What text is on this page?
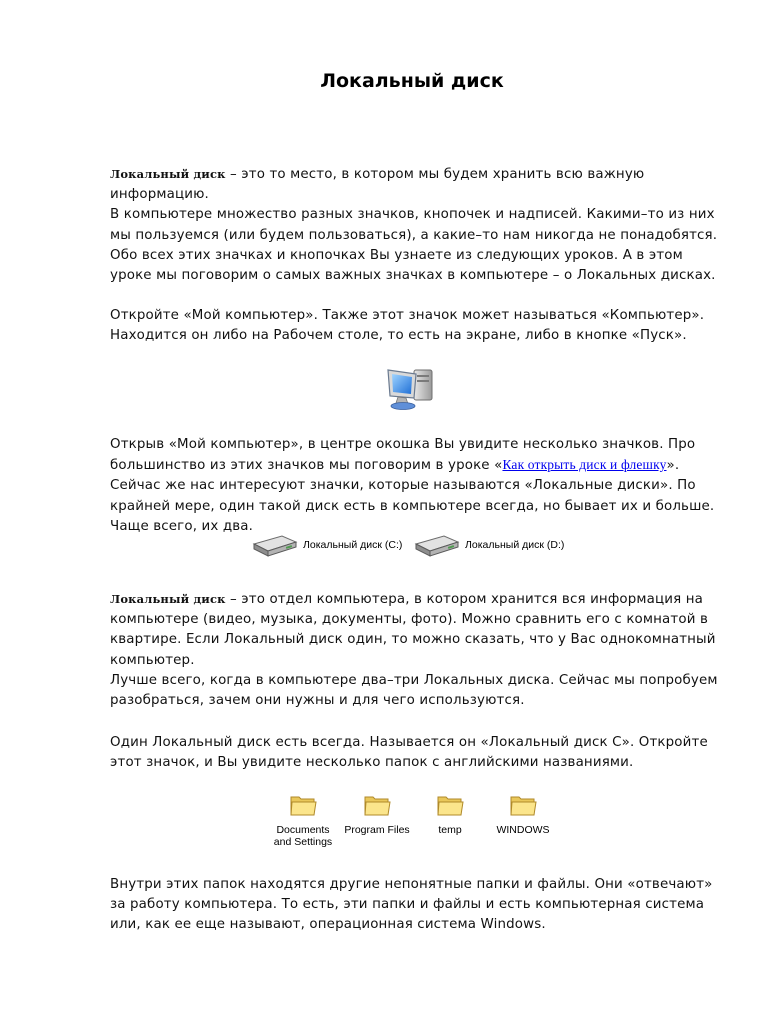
Локальный диск

Локальный диск – это то место, в котором мы будем хранить всю важную информацию.
В компьютере множество разных значков, кнопочек и надписей. Какими–то из них мы пользуемся (или будем пользоваться), а какие–то нам никогда не понадобятся. Обо всех этих значках и кнопочках Вы узнаете из следующих уроков. А в этом уроке мы поговорим о самых важных значках в компьютере – о Локальных дисках.

Откройте «Мой компьютер». Также этот значок может называться «Компьютер». Находится он либо на Рабочем столе, то есть на экране, либо в кнопке «Пуск».

Открыв «Мой компьютер», в центре окошка Вы увидите несколько значков. Про большинство из этих значков мы поговорим в уроке «Как открыть диск и флешку». Сейчас же нас интересуют значки, которые называются «Локальные диски». По крайней мере, один такой диск есть в компьютере всегда, но бывает их и больше. Чаще всего, их два.

Локальный диск (C:)	Локальный диск (D:)

Локальный диск – это отдел компьютера, в котором хранится вся информация на компьютере (видео, музыка, документы, фото). Можно сравнить его с комнатой в квартире. Если Локальный диск один, то можно сказать, что у Вас однокомнатный компьютер.
Лучше всего, когда в компьютере два–три Локальных диска. Сейчас мы попробуем разобраться, зачем они нужны и для чего используются.

Один Локальный диск есть всегда. Называется он «Локальный диск С». Откройте этот значок, и Вы увидите несколько папок с английскими названиями.

Documents
and Settings
Program Files	temp	WINDOWS

Внутри этих папок находятся другие непонятные папки и файлы. Они «отвечают» за работу компьютера. То есть, эти папки и файлы и есть компьютерная система или, как ее еще называют, операционная система Windows.
